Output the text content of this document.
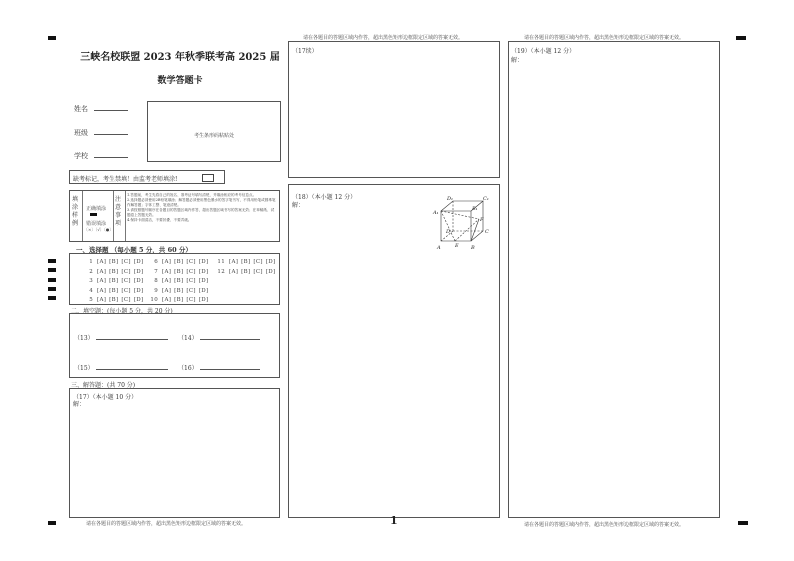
三峡名校联盟 2023 年秋季联考高 2025 届
数学答题卡
姓名
班级
学校
考生条形码粘贴处
缺考标记，考生禁填！由监考老师填涂!
填涂样例
正确填涂
错误填涂
〔×〕〔√〕〔●〕
注意事项
1.答题前，考生先将自己的姓名、准考证号填写清楚，并填涂相应的考号信息点。
2.选择题必须使用2B铅笔填涂；解答题必须使用黑色墨水的签字笔书写，不得用铅笔或圆珠笔作解答题；字体工整、笔迹清楚。
3.请按照题号顺序在各题目的答题区域内作答，超出答题区域书写的答案无效；在草稿纸、试题卷上答题无效。
4.保持卡面清洁，不要折叠、不要弄破。
一、选择题 （每小题 5 分，共 60 分）
1 [A] [B] [C] [D]	6 [A] [B] [C] [D]	11 [A] [B] [C] [D]
2 [A] [B] [C] [D]	7 [A] [B] [C] [D]	12 [A] [B] [C] [D]
3 [A] [B] [C] [D]	8 [A] [B] [C] [D]
4 [A] [B] [C] [D]	9 [A] [B] [C] [D]
5 [A] [B] [C] [D]	10 [A] [B] [C] [D]
二、填空题：(每小题 5 分，共 20 分)
（13）	（14）
（15）	（16）
三、解答题：(共 70 分)
（17）（本小题 10 分）
解：
请在各题目的答题区域内作答，超出黑色矩形边框限定区域的答案无效。
请在各题目的答题区域内作答，超出黑色矩形边框限定区域的答案无效。
（17续）
（18）（本小题 12 分）
解：
D₁	C₁
A₁
B₁
F
D
E
C
A	B
1
请在各题目的答题区域内作答，超出黑色矩形边框限定区域的答案无效。
（19）（本小题 12 分）
解：
请在各题目的答题区域内作答，超出黑色矩形边框限定区域的答案无效。
